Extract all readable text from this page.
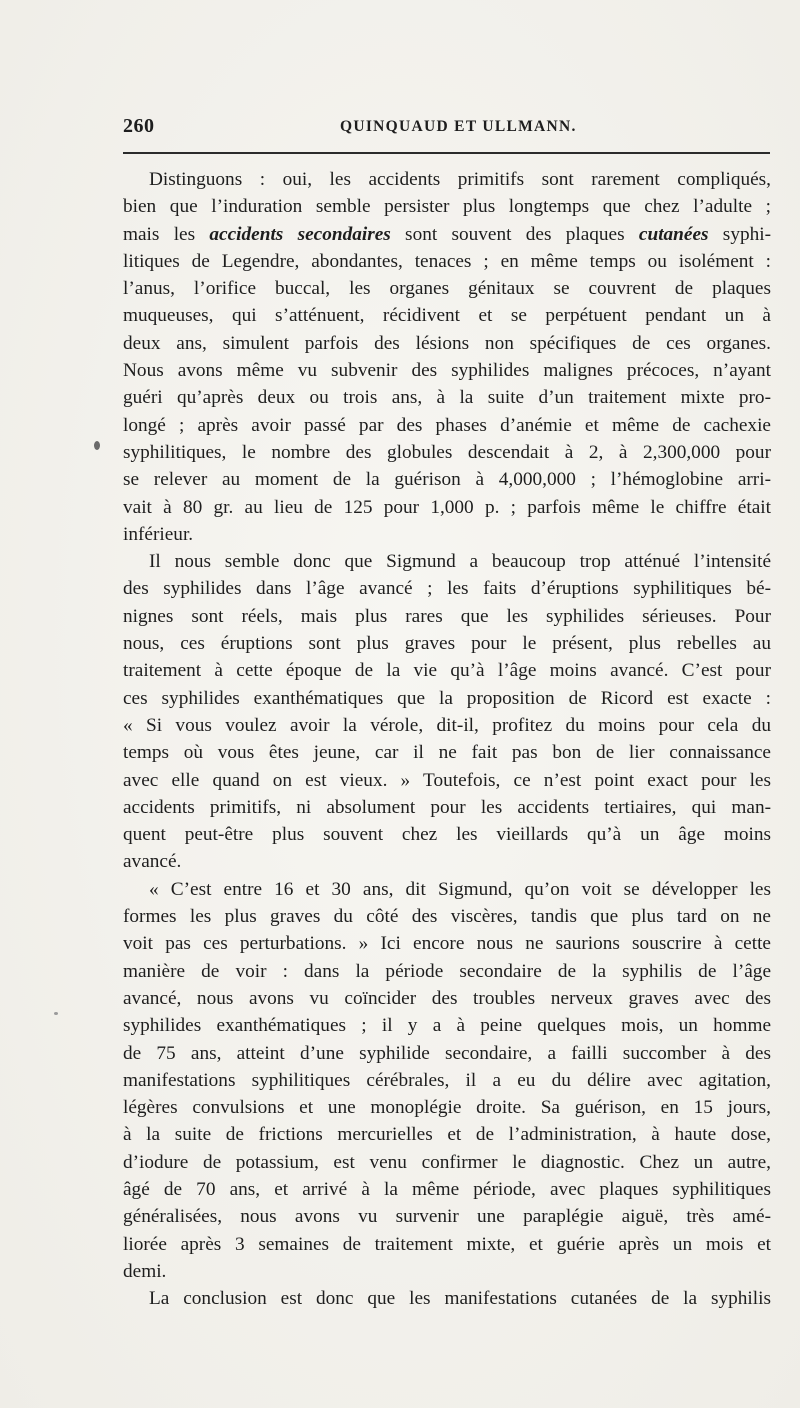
260	QUINQUAUD ET ULLMANN.
Distinguons : oui, les accidents primitifs sont rarement compliqués,
bien que l’induration semble persister plus longtemps que chez l’adulte ;
mais les accidents secondaires sont souvent des plaques cutanées syphi-
litiques de Legendre, abondantes, tenaces ; en même temps ou isolément :
l’anus, l’orifice buccal, les organes génitaux se couvrent de plaques
muqueuses, qui s’atténuent, récidivent et se perpétuent pendant un à
deux ans, simulent parfois des lésions non spécifiques de ces organes.
Nous avons même vu subvenir des syphilides malignes précoces, n’ayant
guéri qu’après deux ou trois ans, à la suite d’un traitement mixte pro-
longé ; après avoir passé par des phases d’anémie et même de cachexie
syphilitiques, le nombre des globules descendait à 2, à 2,300,000 pour
se relever au moment de la guérison à 4,000,000 ; l’hémoglobine arri-
vait à 80 gr. au lieu de 125 pour 1,000 p. ; parfois même le chiffre était
inférieur.
Il nous semble donc que Sigmund a beaucoup trop atténué l’intensité
des syphilides dans l’âge avancé ; les faits d’éruptions syphilitiques bé-
nignes sont réels, mais plus rares que les syphilides sérieuses. Pour
nous, ces éruptions sont plus graves pour le présent, plus rebelles au
traitement à cette époque de la vie qu’à l’âge moins avancé. C’est pour
ces syphilides exanthématiques que la proposition de Ricord est exacte :
« Si vous voulez avoir la vérole, dit-il, profitez du moins pour cela du
temps où vous êtes jeune, car il ne fait pas bon de lier connaissance
avec elle quand on est vieux. » Toutefois, ce n’est point exact pour les
accidents primitifs, ni absolument pour les accidents tertiaires, qui man-
quent peut-être plus souvent chez les vieillards qu’à un âge moins
avancé.
« C’est entre 16 et 30 ans, dit Sigmund, qu’on voit se développer les
formes les plus graves du côté des viscères, tandis que plus tard on ne
voit pas ces perturbations. » Ici encore nous ne saurions souscrire à cette
manière de voir : dans la période secondaire de la syphilis de l’âge
avancé, nous avons vu coïncider des troubles nerveux graves avec des
syphilides exanthématiques ; il y a à peine quelques mois, un homme
de 75 ans, atteint d’une syphilide secondaire, a failli succomber à des
manifestations syphilitiques cérébrales, il a eu du délire avec agitation,
légères convulsions et une monoplégie droite. Sa guérison, en 15 jours,
à la suite de frictions mercurielles et de l’administration, à haute dose,
d’iodure de potassium, est venu confirmer le diagnostic. Chez un autre,
âgé de 70 ans, et arrivé à la même période, avec plaques syphilitiques
généralisées, nous avons vu survenir une paraplégie aiguë, très amé-
liorée après 3 semaines de traitement mixte, et guérie après un mois et
demi.
La conclusion est donc que les manifestations cutanées de la syphilis
